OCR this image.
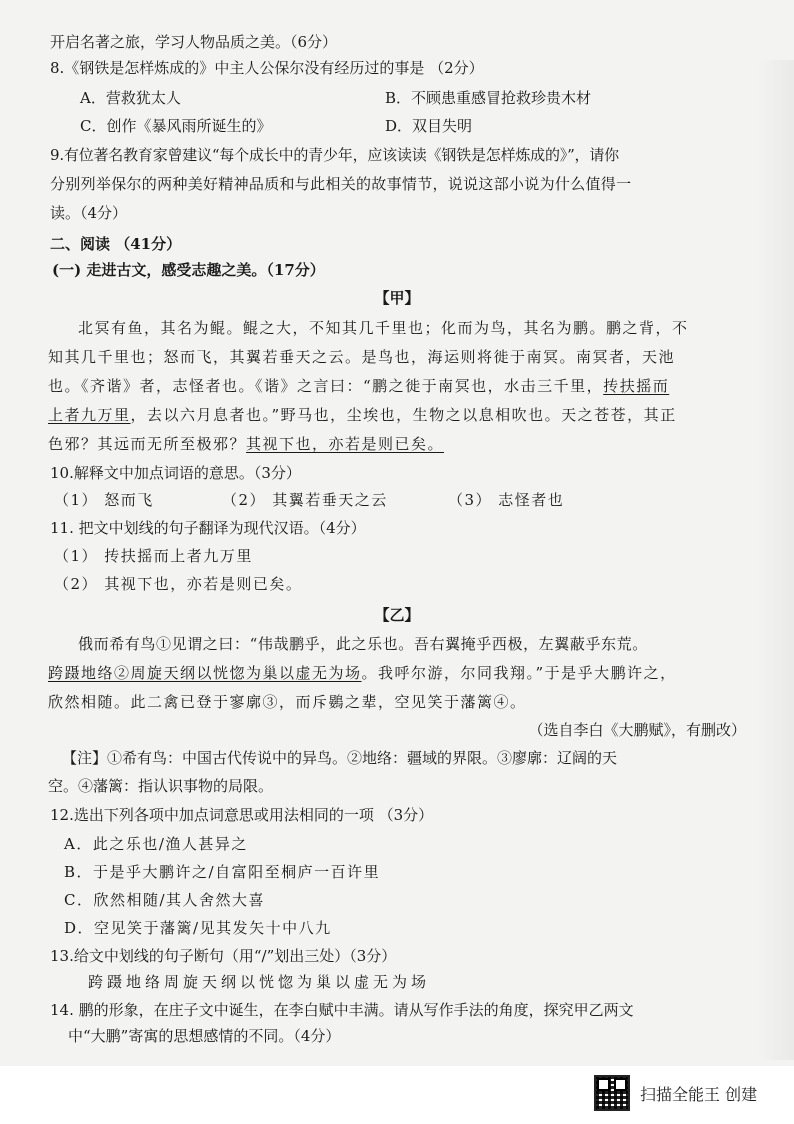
开启名著之旅，学习人物品质之美。（6分）
8.《钢铁是怎样炼成的》中主人公保尔没有经历过的事是 （2分）
A．营救犹太人	B．不顾患重感冒抢救珍贵木材
C．创作《暴风雨所诞生的》	D．双目失明
9.有位著名教育家曾建议“每个成长中的青少年，应该读读《钢铁是怎样炼成的》”，请你
分别列举保尔的两种美好精神品质和与此相关的故事情节，说说这部小说为什么值得一
读。（4分）
二、阅读 （41分）
(一) 走进古文，感受志趣之美。（17分）
【甲】
北冥有鱼，其名为鲲。鲲之大，不知其几千里也；化而为鸟，其名为鹏。鹏之背，不
知其几千里也；怒而飞，其翼若垂天之云。是鸟也，海运则将徙于南冥。南冥者，天池
也。《齐谐》者，志怪者也。《谐》之言曰：“鹏之徙于南冥也，水击三千里，抟扶摇而
上者九万里，去以六月息者也。”野马也，尘埃也，生物之以息相吹也。天之苍苍，其正
色邪？其远而无所至极邪？其视下也，亦若是则已矣。
10.解释文中加点词语的意思。（3分）
（1） 怒而飞	（2） 其翼若垂天之云	（3） 志怪者也
11. 把文中划线的句子翻译为现代汉语。（4分）
（1） 抟扶摇而上者九万里
（2） 其视下也，亦若是则已矣。
【乙】
俄而希有鸟①见谓之曰：“伟哉鹏乎，此之乐也。吾右翼掩乎西极，左翼蔽乎东荒。
跨蹑地络②周旋天纲以恍惚为巢以虚无为场。我呼尔游，尔同我翔。”于是乎大鹏许之，
欣然相随。此二禽已登于寥廓③，而斥鷃之辈，空见笑于藩篱④。
（选自李白《大鹏赋》，有删改）
【注】①希有鸟：中国古代传说中的异鸟。②地络：疆域的界限。③廖廓：辽阔的天
空。④藩篱：指认识事物的局限。
12.选出下列各项中加点词意思或用法相同的一项 （3分）
A．此之乐也/渔人甚异之
B．于是乎大鹏许之/自富阳至桐庐一百许里
C．欣然相随/其人舍然大喜
D．空见笑于藩篱/见其发矢十中八九
13.给文中划线的句子断句（用“/”划出三处）（3分）
跨蹑地络周旋天纲以恍惚为巢以虚无为场
14. 鹏的形象，在庄子文中诞生，在李白赋中丰满。请从写作手法的角度，探究甲乙两文
中“大鹏”寄寓的思想感情的不同。（4分）
扫描全能王 创建
